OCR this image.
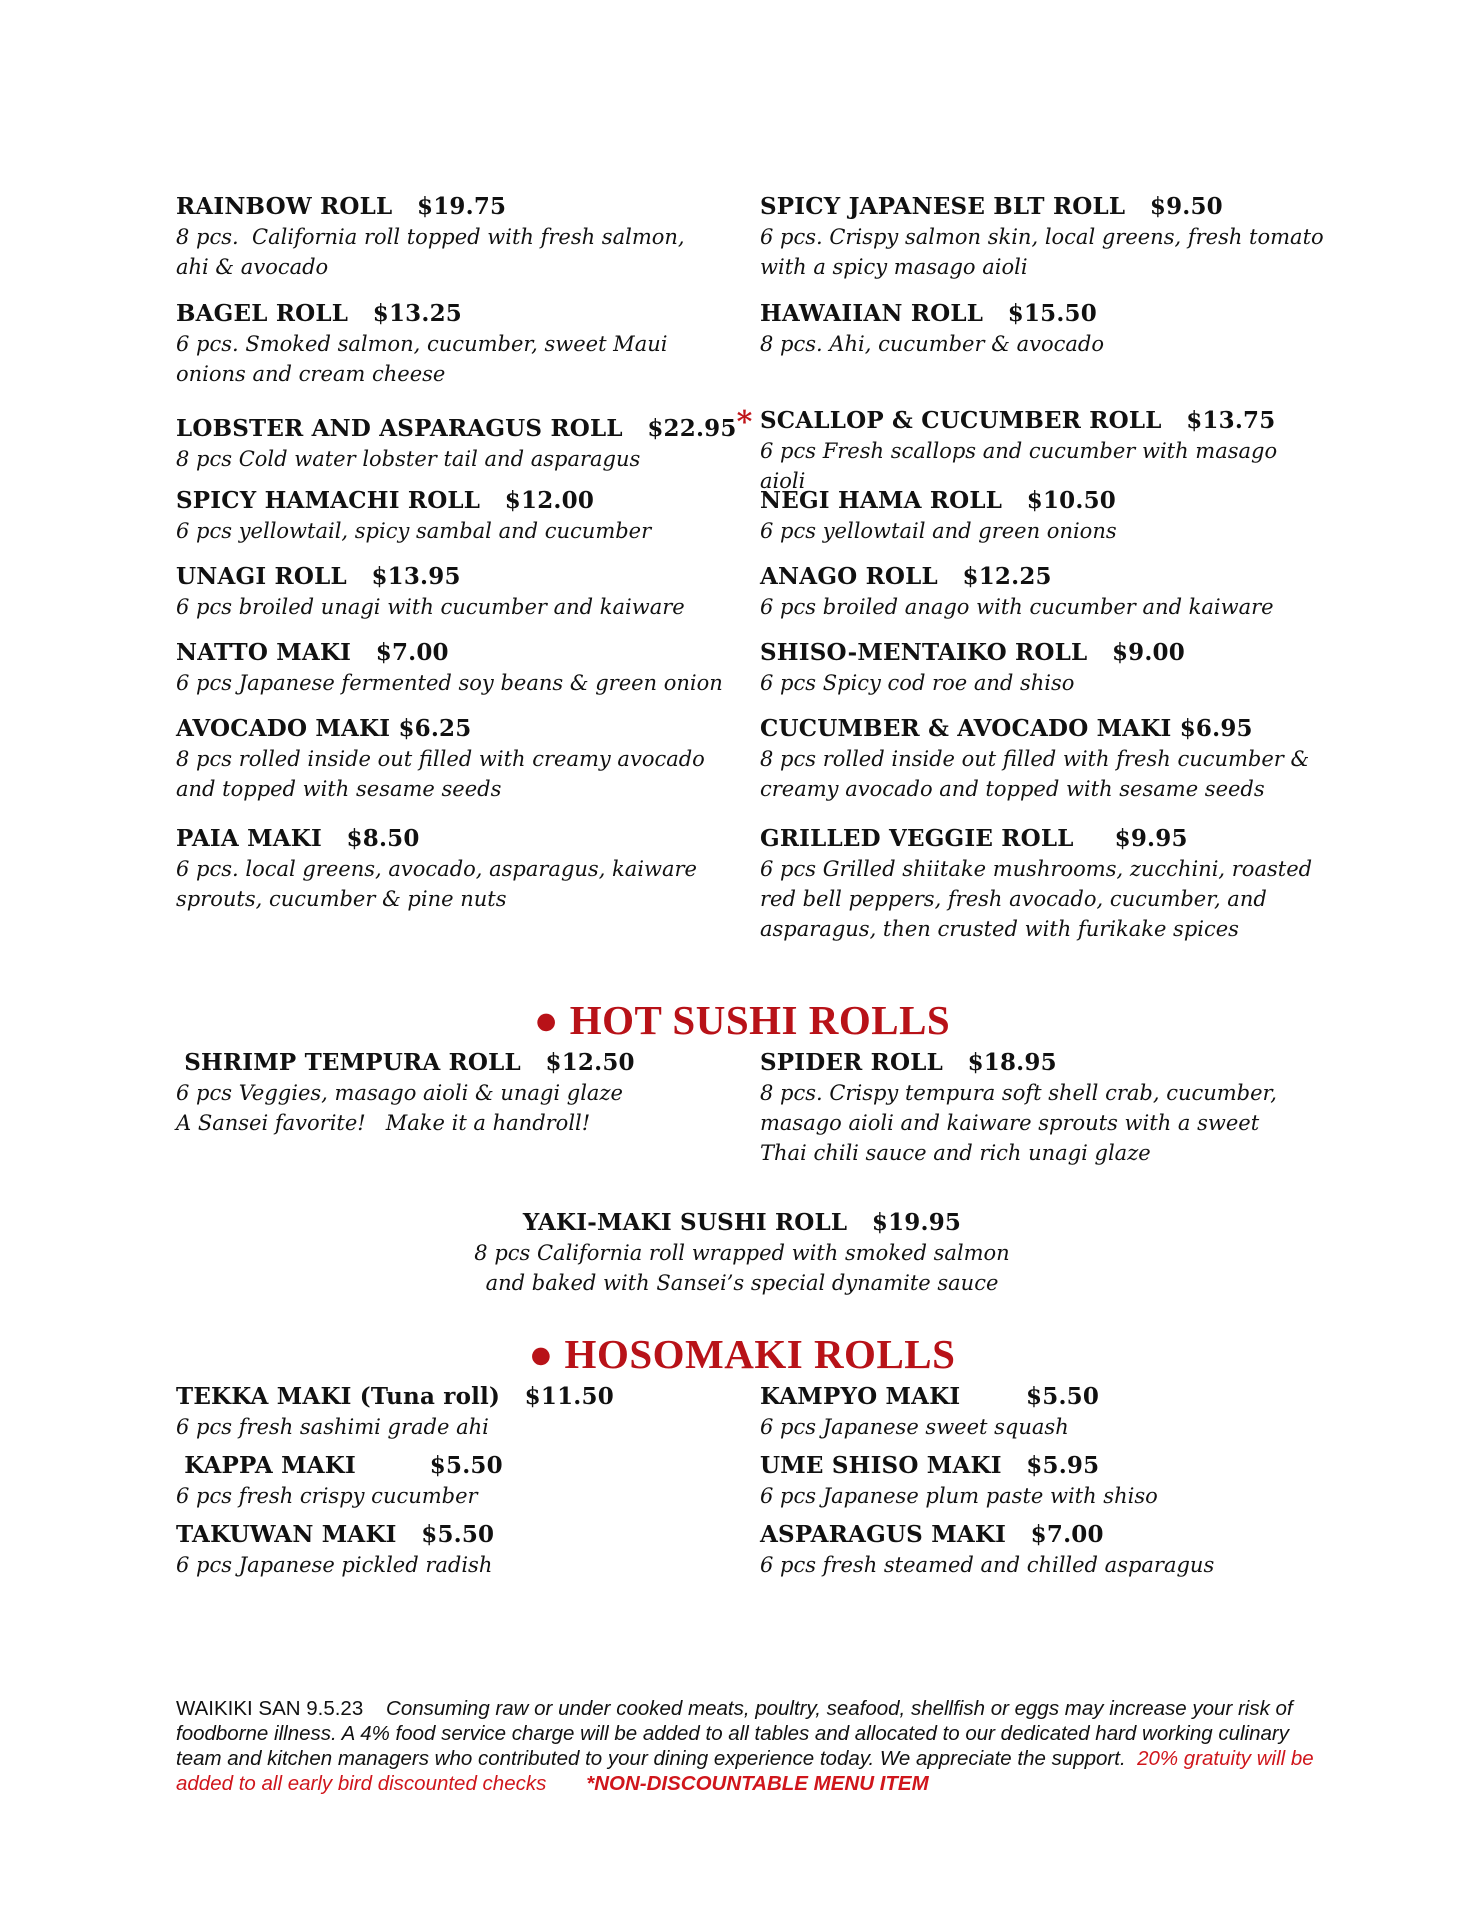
RAINBOW ROLL   $19.75
8 pcs.  California roll topped with fresh salmon,
ahi & avocado
SPICY JAPANESE BLT ROLL   $9.50
6 pcs. Crispy salmon skin, local greens, fresh tomato
with a spicy masago aioli
BAGEL ROLL   $13.25
6 pcs. Smoked salmon, cucumber, sweet Maui
onions and cream cheese
HAWAIIAN ROLL   $15.50
8 pcs. Ahi, cucumber & avocado
LOBSTER AND ASPARAGUS ROLL   $22.95*
8 pcs Cold water lobster tail and asparagus
SCALLOP & CUCUMBER ROLL   $13.75
6 pcs Fresh scallops and cucumber with masago aioli
SPICY HAMACHI ROLL   $12.00
6 pcs yellowtail, spicy sambal and cucumber
NEGI HAMA ROLL   $10.50
6 pcs yellowtail and green onions
UNAGI ROLL   $13.95
6 pcs broiled unagi with cucumber and kaiware
ANAGO ROLL   $12.25
6 pcs broiled anago with cucumber and kaiware
NATTO MAKI   $7.00
6 pcs Japanese fermented soy beans & green onion
SHISO-MENTAIKO ROLL   $9.00
6 pcs Spicy cod roe and shiso
AVOCADO MAKI $6.25
8 pcs rolled inside out filled with creamy avocado
and topped with sesame seeds
CUCUMBER & AVOCADO MAKI $6.95
8 pcs rolled inside out filled with fresh cucumber &
creamy avocado and topped with sesame seeds
PAIA MAKI   $8.50
6 pcs. local greens, avocado, asparagus, kaiware
sprouts, cucumber & pine nuts
GRILLED VEGGIE ROLL     $9.95
6 pcs Grilled shiitake mushrooms, zucchini, roasted
red bell peppers, fresh avocado, cucumber, and
asparagus, then crusted with furikake spices
● HOT SUSHI ROLLS
SHRIMP TEMPURA ROLL   $12.50
6 pcs Veggies, masago aioli & unagi glaze
A Sansei favorite!   Make it a handroll!
SPIDER ROLL   $18.95
8 pcs. Crispy tempura soft shell crab, cucumber,
masago aioli and kaiware sprouts with a sweet
Thai chili sauce and rich unagi glaze
YAKI-MAKI SUSHI ROLL   $19.95
8 pcs California roll wrapped with smoked salmon
and baked with Sansei’s special dynamite sauce
● HOSOMAKI ROLLS
TEKKA MAKI (Tuna roll)   $11.50
6 pcs fresh sashimi grade ahi
KAMPYO MAKI        $5.50
6 pcs Japanese sweet squash
KAPPA MAKI         $5.50
6 pcs fresh crispy cucumber
UME SHISO MAKI   $5.95
6 pcs Japanese plum paste with shiso
TAKUWAN MAKI   $5.50
6 pcs Japanese pickled radish
ASPARAGUS MAKI   $7.00
6 pcs fresh steamed and chilled asparagus
WAIKIKI SAN 9.5.23 Consuming raw or under cooked meats, poultry, seafood, shellfish or eggs may increase your risk of foodborne illness. A 4% food service charge will be added to all tables and allocated to our dedicated hard working culinary team and kitchen managers who contributed to your dining experience today. We appreciate the support. 20% gratuity will be added to all early bird discounted checks *NON-DISCOUNTABLE MENU ITEM
